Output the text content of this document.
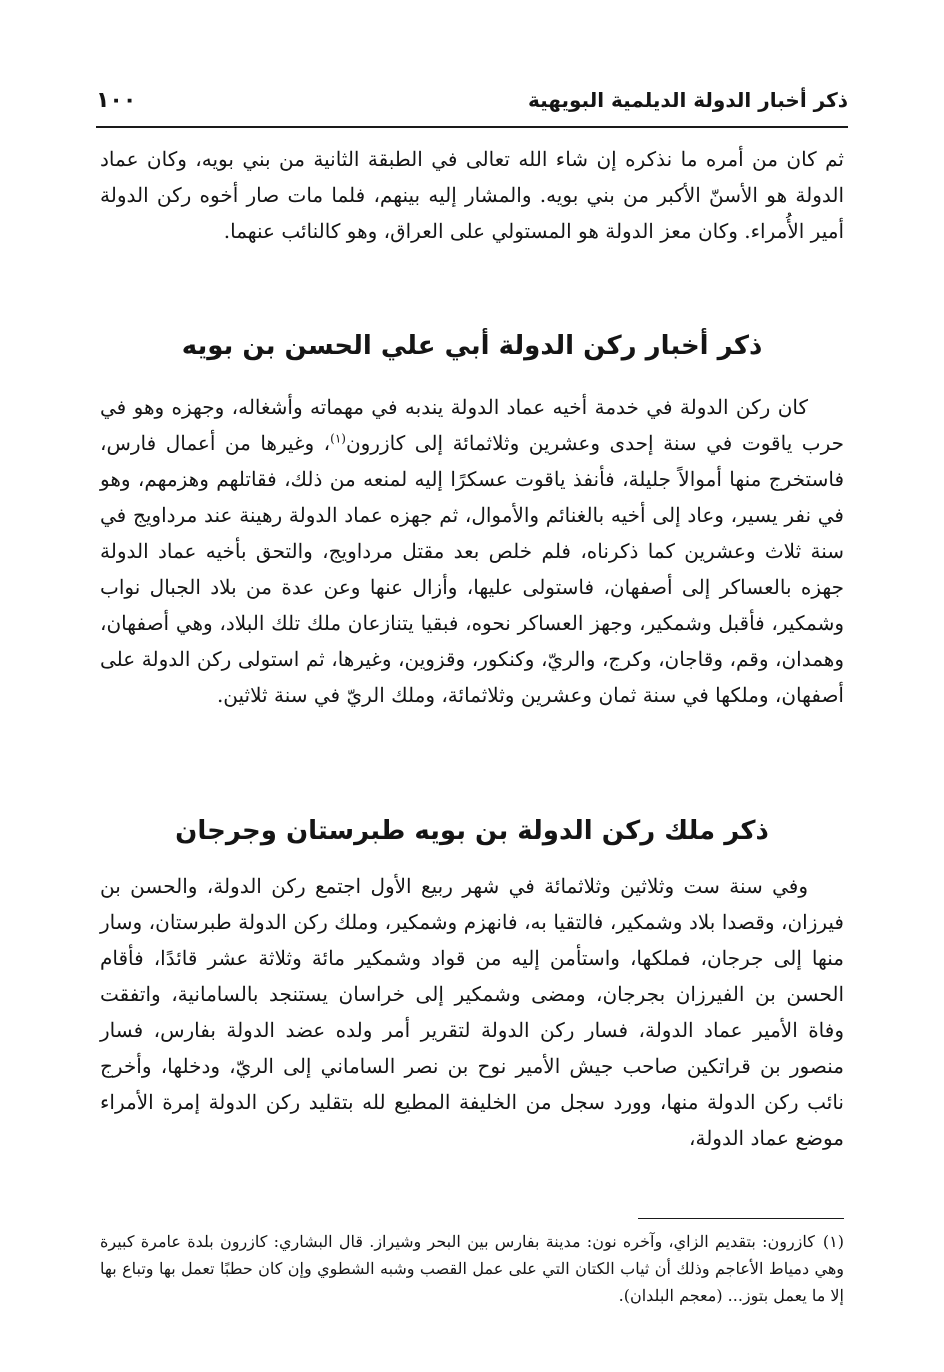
ذكر أخبار الدولة الديلمية البويهية
١٠٠

ثم كان من أمره ما نذكره إن شاء الله تعالى في الطبقة الثانية من بني بويه، وكان عماد الدولة هو الأسنّ الأكبر من بني بويه. والمشار إليه بينهم، فلما مات صار أخوه ركن الدولة أمير الأُمراء. وكان معز الدولة هو المستولي على العراق، وهو كالنائب عنهما.

ذكر أخبار ركن الدولة أبي علي الحسن بن بويه

كان ركن الدولة في خدمة أخيه عماد الدولة يندبه في مهماته وأشغاله، وجهزه وهو في حرب ياقوت في سنة إحدى وعشرين وثلاثمائة إلى كازرون$^{(١)}$، وغيرها من أعمال فارس، فاستخرج منها أموالاً جليلة، فأنفذ ياقوت عسكرًا إليه لمنعه من ذلك، فقاتلهم وهزمهم، وهو في نفر يسير، وعاد إلى أخيه بالغنائم والأموال، ثم جهزه عماد الدولة رهينة عند مرداويج في سنة ثلاث وعشرين كما ذكرناه، فلم خلص بعد مقتل مرداويج، والتحق بأخيه عماد الدولة جهزه بالعساكر إلى أصفهان، فاستولى عليها، وأزال عنها وعن عدة من بلاد الجبال نواب وشمكير، فأقبل وشمكير، وجهز العساكر نحوه، فبقيا يتنازعان ملك تلك البلاد، وهي أصفهان، وهمدان، وقم، وقاجان، وكرج، والريّ، وكنكور، وقزوين، وغيرها، ثم استولى ركن الدولة على أصفهان، وملكها في سنة ثمان وعشرين وثلاثمائة، وملك الريّ في سنة ثلاثين.

ذكر ملك ركن الدولة بن بويه طبرستان وجرجان

وفي سنة ست وثلاثين وثلاثمائة في شهر ربيع الأول اجتمع ركن الدولة، والحسن بن فيرزان، وقصدا بلاد وشمكير، فالتقيا به، فانهزم وشمكير، وملك ركن الدولة طبرستان، وسار منها إلى جرجان، فملكها، واستأمن إليه من قواد وشمكير مائة وثلاثة عشر قائدًا، فأقام الحسن بن الفيرزان بجرجان، ومضى وشمكير إلى خراسان يستنجد بالسامانية، واتفقت وفاة الأمير عماد الدولة، فسار ركن الدولة لتقرير أمر ولده عضد الدولة بفارس، فسار منصور بن قراتكين صاحب جيش الأمير نوح بن نصر الساماني إلى الريّ، ودخلها، وأخرج نائب ركن الدولة منها، وورد سجل من الخليفة المطيع لله بتقليد ركن الدولة إمرة الأمراء موضع عماد الدولة،

(١)كازرون: بتقديم الزاي، وآخره نون: مدينة بفارس بين البحر وشيراز. قال البشاري: كازرون بلدة عامرة كبيرة وهي دمياط الأعاجم وذلك أن ثياب الكتان التي على عمل القصب وشبه الشطوي وإن كان حطبًا تعمل بها وتباع بها إلا ما يعمل بتوز... (معجم البلدان).
